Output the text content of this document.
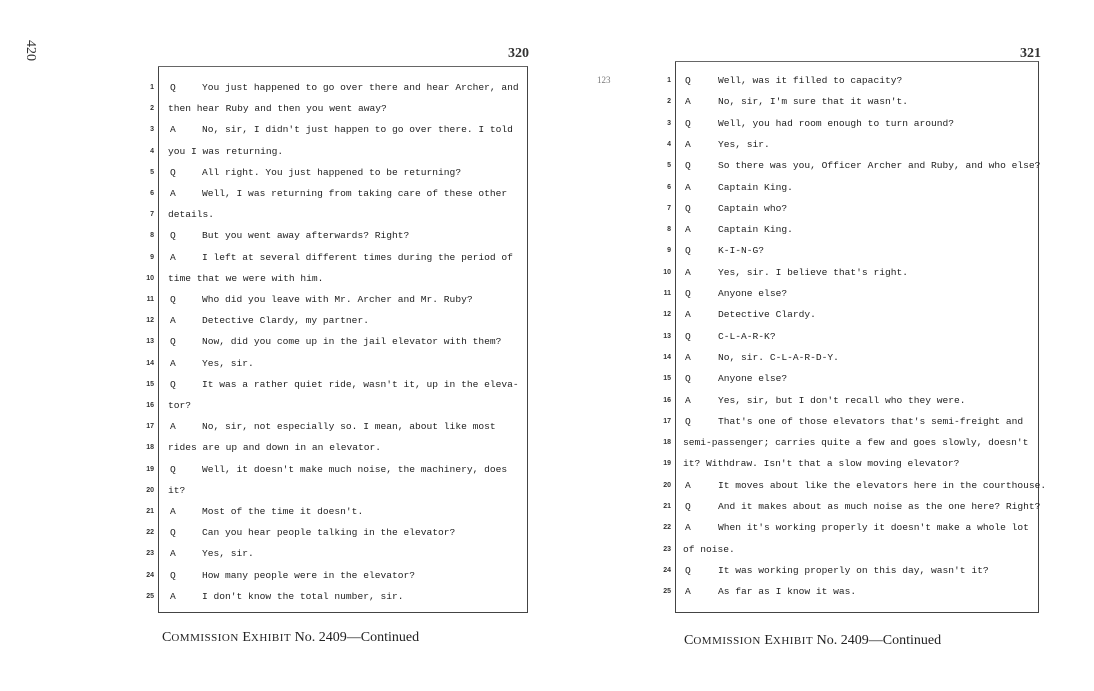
420	320
1 Q	You just happened to go over there and hear Archer, and
2 then hear Ruby and then you went away?
3 A	No, sir, I didn't just happen to go over there. I told
4 you I was returning.
5 Q	All right. You just happened to be returning?
6 A	Well, I was returning from taking care of these other
7 details.
8 Q	But you went away afterwards? Right?
9 A	I left at several different times during the period of
10 time that we were with him.
11 Q	Who did you leave with Mr. Archer and Mr. Ruby?
12 A	Detective Clardy, my partner.
13 Q	Now, did you come up in the jail elevator with them?
14 A	Yes, sir.
15 Q	It was a rather quiet ride, wasn't it, up in the eleva-
16 tor?
17 A	No, sir, not especially so. I mean, about like most
18 rides are up and down in an elevator.
19 Q	Well, it doesn't make much noise, the machinery, does
20 it?
21 A	Most of the time it doesn't.
22 Q	Can you hear people talking in the elevator?
23 A	Yes, sir.
24 Q	How many people were in the elevator?
25 A	I don't know the total number, sir.
COMMISSION EXHIBIT No. 2409—Continued
123
321
1 Q	Well, was it filled to capacity?
2 A	No, sir, I'm sure that it wasn't.
3 Q	Well, you had room enough to turn around?
4 A	Yes, sir.
5 Q	So there was you, Officer Archer and Ruby, and who else?
6 A	Captain King.
7 Q	Captain who?
8 A	Captain King.
9 Q	K-I-N-G?
10 A	Yes, sir. I believe that's right.
11 Q	Anyone else?
12 A	Detective Clardy.
13 Q	C-L-A-R-K?
14 A	No, sir. C-L-A-R-D-Y.
15 Q	Anyone else?
16 A	Yes, sir, but I don't recall who they were.
17 Q	That's one of those elevators that's semi-freight and
18 semi-passenger; carries quite a few and goes slowly, doesn't
19 it? Withdraw. Isn't that a slow moving elevator?
20 A	It moves about like the elevators here in the courthouse.
21 Q	And it makes about as much noise as the one here? Right?
22 A	When it's working properly it doesn't make a whole lot
23 of noise.
24 Q	It was working properly on this day, wasn't it?
25 A	As far as I know it was.
COMMISSION EXHIBIT No. 2409—Continued
